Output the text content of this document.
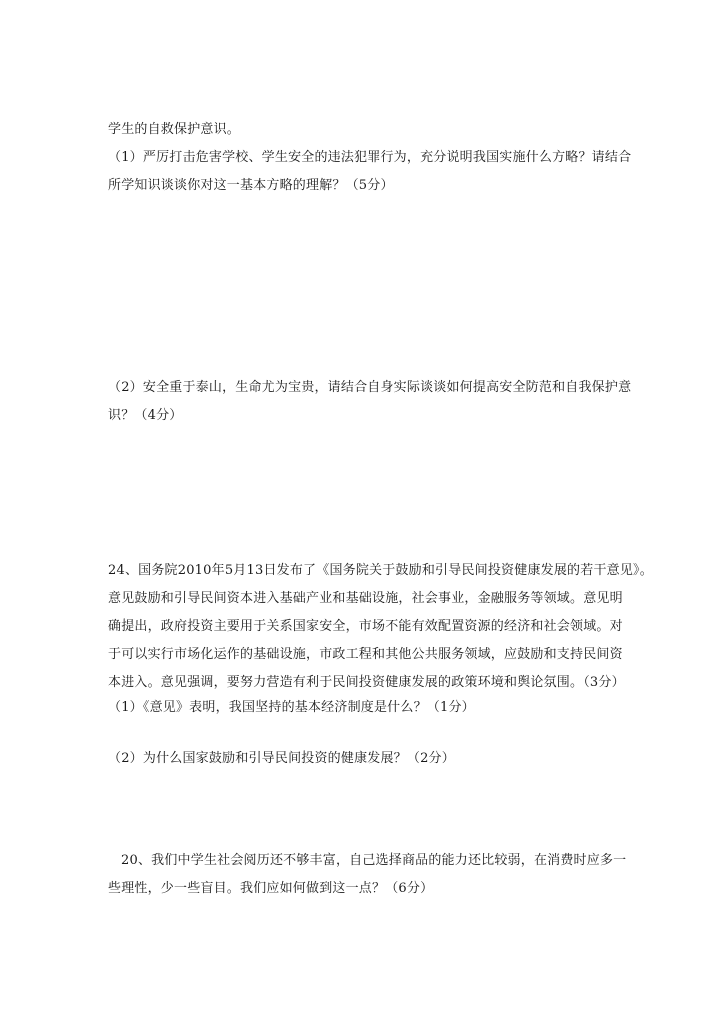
学生的自救保护意识。
（1）严厉打击危害学校、学生安全的违法犯罪行为，充分说明我国实施什么方略？请结合
所学知识谈谈你对这一基本方略的理解？（5分）
（2）安全重于泰山，生命尤为宝贵，请结合自身实际谈谈如何提高安全防范和自我保护意
识？（4分）
24、国务院2010年5月13日发布了《国务院关于鼓励和引导民间投资健康发展的若干意见》。
意见鼓励和引导民间资本进入基础产业和基础设施，社会事业，金融服务等领域。意见明
确提出，政府投资主要用于关系国家安全，市场不能有效配置资源的经济和社会领域。对
于可以实行市场化运作的基础设施，市政工程和其他公共服务领域，应鼓励和支持民间资
本进入。意见强调，要努力营造有利于民间投资健康发展的政策环境和舆论氛围。（3分）
（1）《意见》表明，我国坚持的基本经济制度是什么？（1分）
（2）为什么国家鼓励和引导民间投资的健康发展？（2分）
20、我们中学生社会阅历还不够丰富，自己选择商品的能力还比较弱，在消费时应多一
些理性，少一些盲目。我们应如何做到这一点？（6分）
